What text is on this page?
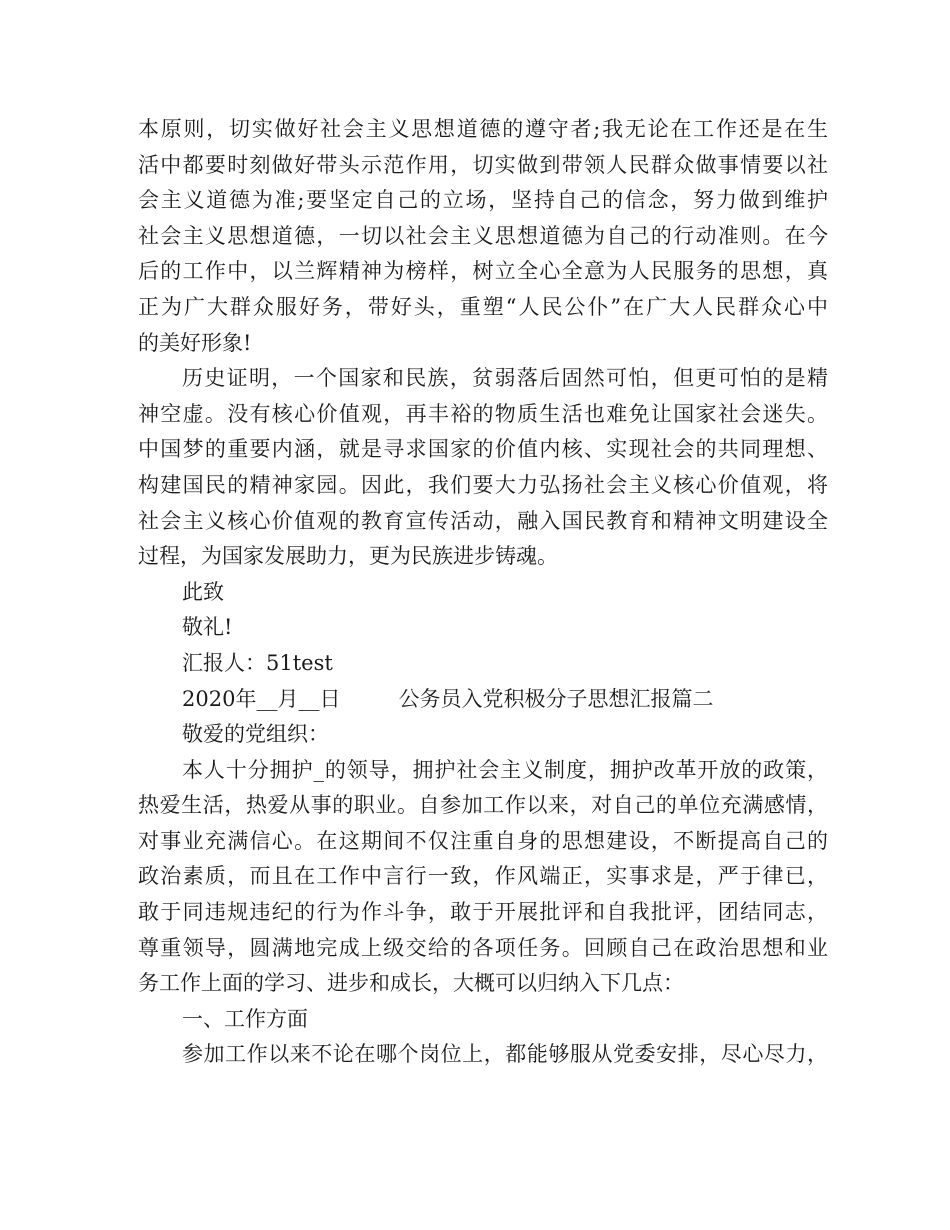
本原则，切实做好社会主义思想道德的遵守者;我无论在工作还是在生
活中都要时刻做好带头示范作用，切实做到带领人民群众做事情要以社
会主义道德为准;要坚定自己的立场，坚持自己的信念，努力做到维护
社会主义思想道德，一切以社会主义思想道德为自己的行动准则。在今
后的工作中，以兰辉精神为榜样，树立全心全意为人民服务的思想，真
正为广大群众服好务，带好头，重塑“人民公仆”在广大人民群众心中
的美好形象!
历史证明，一个国家和民族，贫弱落后固然可怕，但更可怕的是精
神空虚。没有核心价值观，再丰裕的物质生活也难免让国家社会迷失。
中国梦的重要内涵，就是寻求国家的价值内核、实现社会的共同理想、
构建国民的精神家园。因此，我们要大力弘扬社会主义核心价值观，将
社会主义核心价值观的教育宣传活动，融入国民教育和精神文明建设全
过程，为国家发展助力，更为民族进步铸魂。
此致
敬礼!
汇报人：51test
2020年__月__日	公务员入党积极分子思想汇报篇二
敬爱的党组织：
本人十分拥护_的领导，拥护社会主义制度，拥护改革开放的政策，
热爱生活，热爱从事的职业。自参加工作以来，对自己的单位充满感情，
对事业充满信心。在这期间不仅注重自身的思想建设，不断提高自己的
政治素质，而且在工作中言行一致，作风端正，实事求是，严于律已，
敢于同违规违纪的行为作斗争，敢于开展批评和自我批评，团结同志，
尊重领导，圆满地完成上级交给的各项任务。回顾自己在政治思想和业
务工作上面的学习、进步和成长，大概可以归纳入下几点：
一、工作方面
参加工作以来不论在哪个岗位上，都能够服从党委安排，尽心尽力，
